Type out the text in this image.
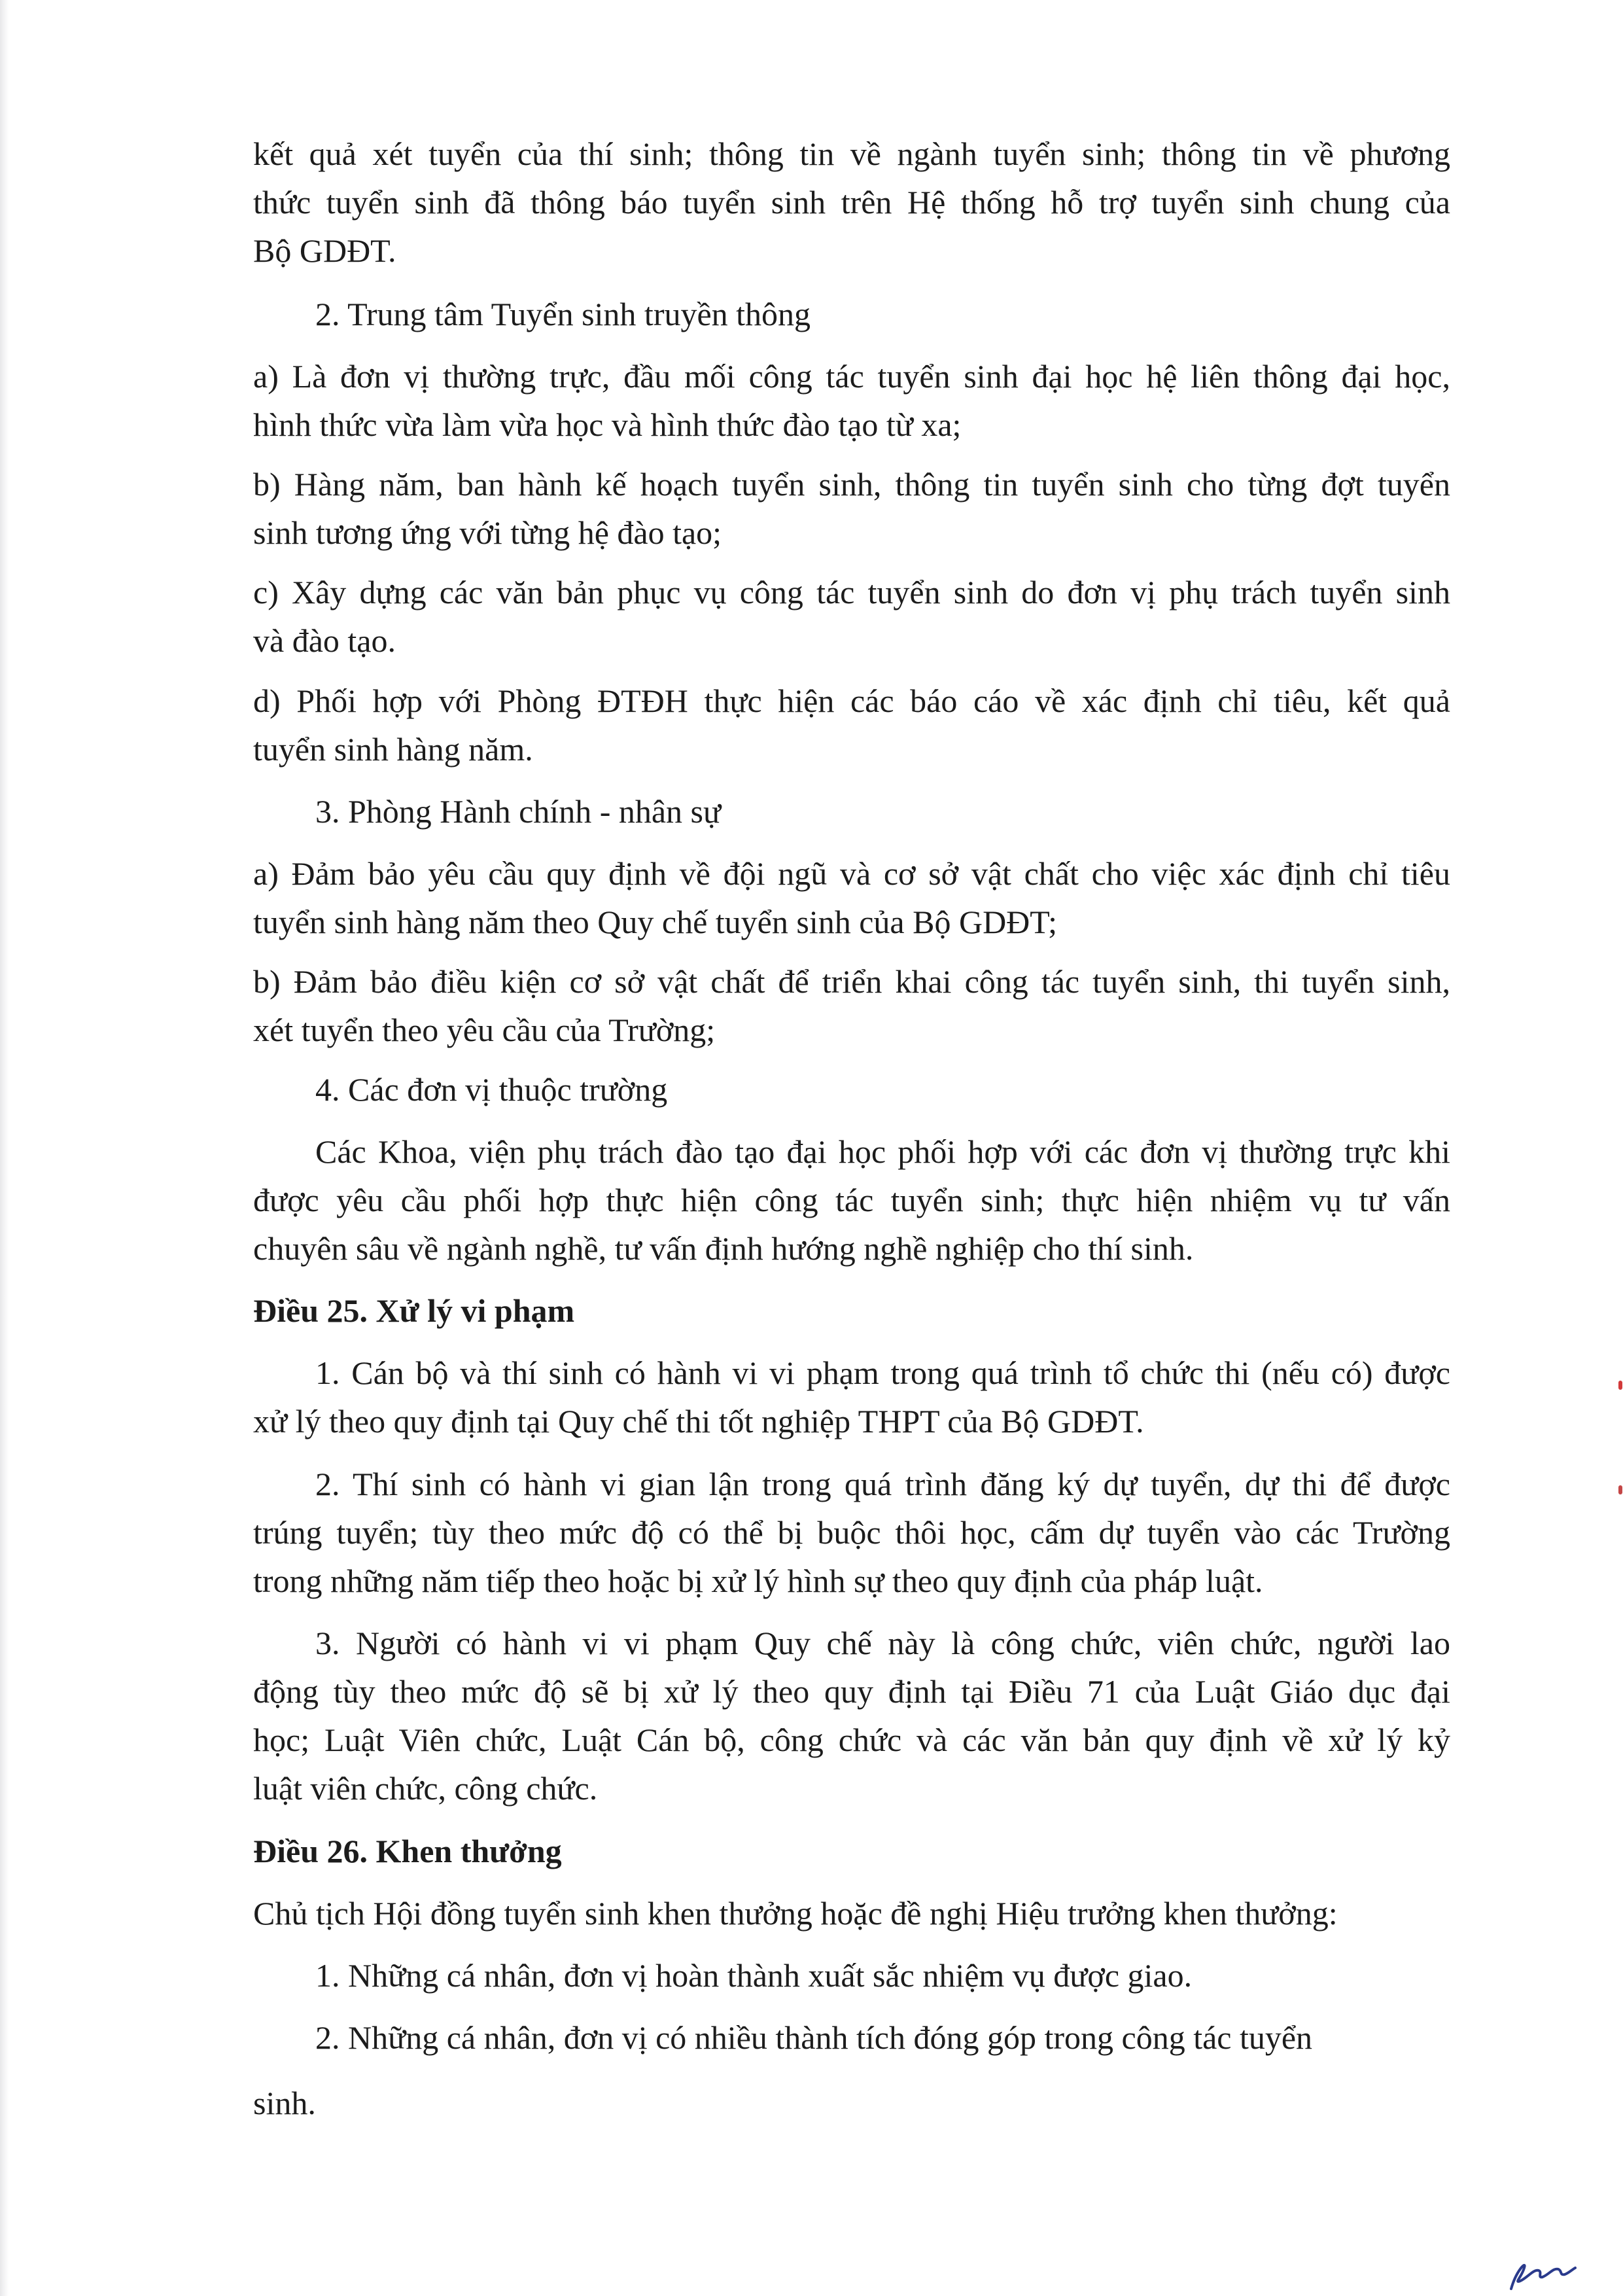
kết quả xét tuyển của thí sinh; thông tin về ngành tuyển sinh; thông tin về phương
thức tuyển sinh đã thông báo tuyển sinh trên Hệ thống hỗ trợ tuyển sinh chung của
Bộ GDĐT.
2. Trung tâm Tuyển sinh truyền thông
a) Là đơn vị thường trực, đầu mối công tác tuyển sinh đại học hệ liên thông đại học,
hình thức vừa làm vừa học và hình thức đào tạo từ xa;
b) Hàng năm, ban hành kế hoạch tuyển sinh, thông tin tuyển sinh cho từng đợt tuyển
sinh tương ứng với từng hệ đào tạo;
c) Xây dựng các văn bản phục vụ công tác tuyển sinh do đơn vị phụ trách tuyển sinh
và đào tạo.
d) Phối hợp với Phòng ĐTĐH thực hiện các báo cáo về xác định chỉ tiêu, kết quả
tuyển sinh hàng năm.
3. Phòng Hành chính - nhân sự
a) Đảm bảo yêu cầu quy định về đội ngũ và cơ sở vật chất cho việc xác định chỉ tiêu
tuyển sinh hàng năm theo Quy chế tuyển sinh của Bộ GDĐT;
b) Đảm bảo điều kiện cơ sở vật chất để triển khai công tác tuyển sinh, thi tuyển sinh,
xét tuyển theo yêu cầu của Trường;
4. Các đơn vị thuộc trường
Các Khoa, viện phụ trách đào tạo đại học phối hợp với các đơn vị thường trực khi
được yêu cầu phối hợp thực hiện công tác tuyển sinh; thực hiện nhiệm vụ tư vấn
chuyên sâu về ngành nghề, tư vấn định hướng nghề nghiệp cho thí sinh.
Điều 25. Xử lý vi phạm
1. Cán bộ và thí sinh có hành vi vi phạm trong quá trình tổ chức thi (nếu có) được
xử lý theo quy định tại Quy chế thi tốt nghiệp THPT của Bộ GDĐT.
2. Thí sinh có hành vi gian lận trong quá trình đăng ký dự tuyển, dự thi để được
trúng tuyển; tùy theo mức độ có thể bị buộc thôi học, cấm dự tuyển vào các Trường
trong những năm tiếp theo hoặc bị xử lý hình sự theo quy định của pháp luật.
3. Người có hành vi vi phạm Quy chế này là công chức, viên chức, người lao
động tùy theo mức độ sẽ bị xử lý theo quy định tại Điều 71 của Luật Giáo dục đại
học; Luật Viên chức, Luật Cán bộ, công chức và các văn bản quy định về xử lý kỷ
luật viên chức, công chức.
Điều 26. Khen thưởng
Chủ tịch Hội đồng tuyển sinh khen thưởng hoặc đề nghị Hiệu trưởng khen thưởng:
1. Những cá nhân, đơn vị hoàn thành xuất sắc nhiệm vụ được giao.
2. Những cá nhân, đơn vị có nhiều thành tích đóng góp trong công tác tuyển
sinh.
